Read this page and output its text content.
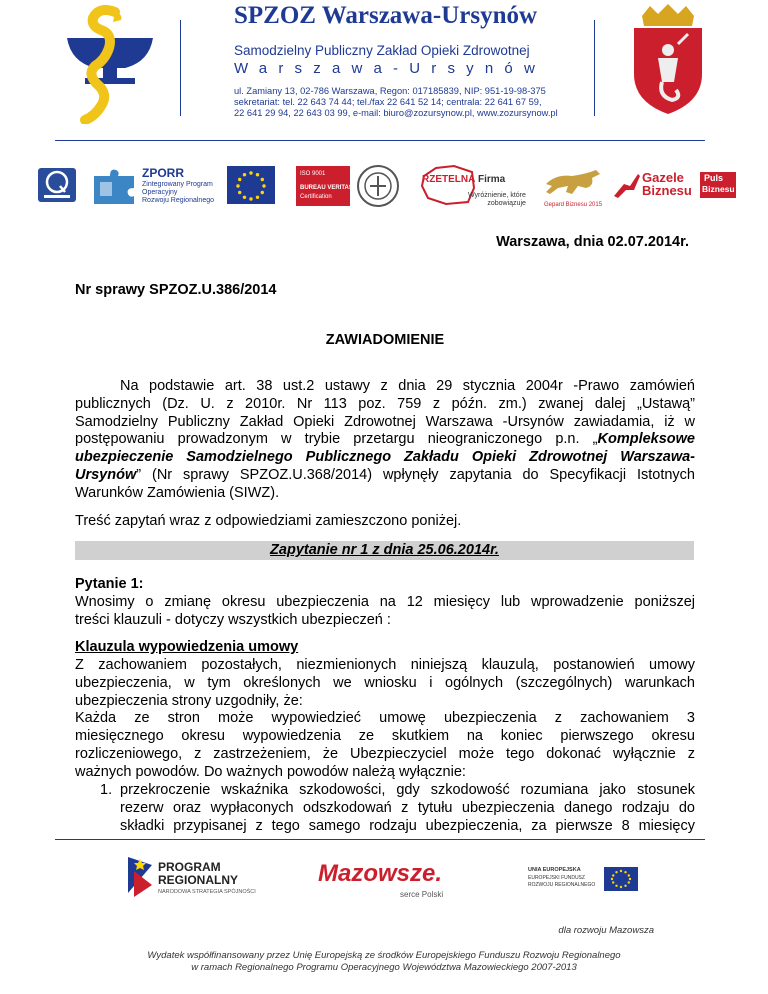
SPZOZ Warszawa-Ursynów
Samodzielny Publiczny Zakład Opieki Zdrowotnej
Warszawa-Ursynów
ul. Zamiany 13, 02-786 Warszawa, Regon: 017185839, NIP: 951-19-98-375
sekretariat: tel. 22 643 74 44; tel./fax 22 641 52 14; centrala: 22 641 67 59,
22 641 29 94, 22 643 03 99, e-mail: biuro@zozursynow.pl, www.zozursynow.pl
ZPORR
Zintegrowany Program
Operacyjny
Rozwoju Regionalnego
ISO 9001
BUREAU VERITAS
Certification
RZETELNA Firma
Wyróżnienie, które
zobowiązuje	Gepard Biznesu 2015
Gazele
Biznesu
Puls
Biznesu
Warszawa, dnia 02.07.2014r.
Nr sprawy SPZOZ.U.386/2014
ZAWIADOMIENIE
Na podstawie art. 38 ust.2 ustawy z dnia 29 stycznia 2004r -Prawo zamówień
publicznych (Dz. U. z 2010r. Nr 113 poz. 759 z późn. zm.) zwanej dalej „Ustawą”
Samodzielny Publiczny Zakład Opieki Zdrowotnej Warszawa -Ursynów zawiadamia, iż w
postępowaniu prowadzonym w trybie przetargu nieograniczonego p.n. „Kompleksowe
ubezpieczenie Samodzielnego Publicznego Zakładu Opieki Zdrowotnej Warszawa-
Ursynów” (Nr sprawy SPZOZ.U.368/2014) wpłynęły zapytania do Specyfikacji Istotnych
Warunków Zamówienia (SIWZ).
Treść zapytań wraz z odpowiedziami zamieszczono poniżej.
Zapytanie nr 1 z dnia 25.06.2014r.
Pytanie 1:
Wnosimy o zmianę okresu ubezpieczenia na 12 miesięcy lub wprowadzenie poniższej
treści klauzuli - dotyczy wszystkich ubezpieczeń :
Klauzula wypowiedzenia umowy
Z zachowaniem pozostałych, niezmienionych niniejszą klauzulą, postanowień umowy
ubezpieczenia, w tym określonych we wniosku i ogólnych (szczególnych) warunkach
ubezpieczenia strony uzgodniły, że:
Każda ze stron może wypowiedzieć umowę ubezpieczenia z zachowaniem 3
miesięcznego okresu wypowiedzenia ze skutkiem na koniec pierwszego okresu
rozliczeniowego, z zastrzeżeniem, że Ubezpieczyciel może tego dokonać wyłącznie z
ważnych powodów. Do ważnych powodów należą wyłącznie:
1. przekroczenie wskaźnika szkodowości, gdy szkodowość rozumiana jako stosunek
rezerw oraz wypłaconych odszkodowań z tytułu ubezpieczenia danego rodzaju do
składki przypisanej z tego samego rodzaju ubezpieczenia, za pierwsze 8 miesięcy
PROGRAM
REGIONALNY
NARODOWA STRATEGIA SPÓJNOŚCI
Mazowsze.
serce Polski
UNIA EUROPEJSKA
EUROPEJSKI FUNDUSZ
ROZWOJU REGIONALNEGO
dla rozwoju Mazowsza
Wydatek współfinansowany przez Unię Europejską ze środków Europejskiego Funduszu Rozwoju Regionalnego
w ramach Regionalnego Programu Operacyjnego Województwa Mazowieckiego 2007-2013
